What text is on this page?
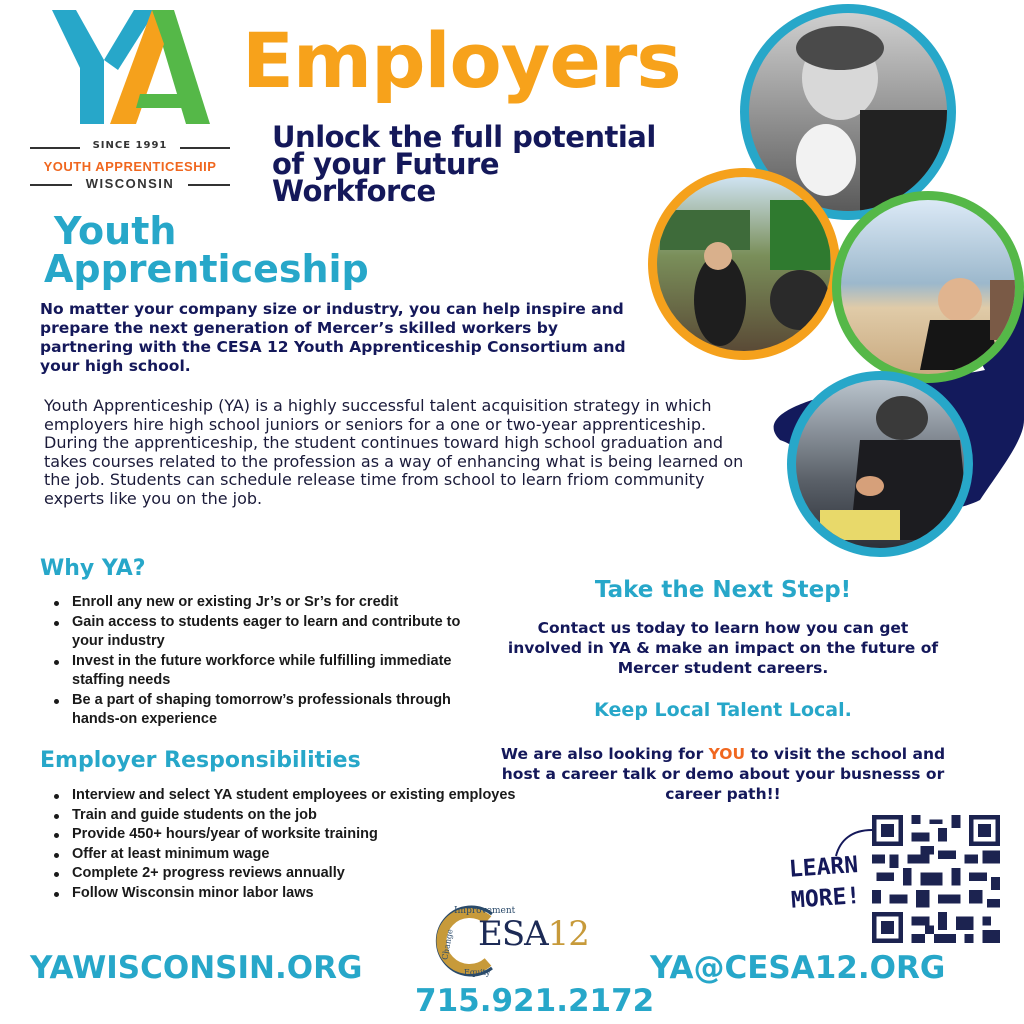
SINCE 1991
YOUTH APPRENTICESHIP
WISCONSIN
Employers
Unlock the full potential
of your Future
Workforce
Youth
Apprenticeship
No matter your company size or industry, you can help inspire and prepare the next generation of Mercer’s skilled workers by partnering with the CESA 12 Youth Apprenticeship Consortium and your high school.
Youth Apprenticeship (YA) is a highly successful talent acquisition strategy in which employers hire high school juniors or seniors for a one or two-year apprenticeship. During the apprenticeship, the student continues toward high school graduation and takes courses related to the profession as a way of enhancing what is being learned on the job. Students can schedule release time from school to learn friom community experts like you on the job.
Why YA?
Enroll any new or existing Jr’s or Sr’s for credit
Gain access to students eager to learn and contribute to your industry
Invest in the future workforce while fulfilling immediate staffing needs
Be a part of shaping tomorrow’s professionals through hands-on experience
Employer Responsibilities
Interview and select YA student employees or existing employes
Train and guide students on the job
Provide 450+ hours/year of worksite training
Offer at least minimum wage
Complete 2+ progress reviews annually
Follow Wisconsin minor labor laws
Take the Next Step!
Contact us today to learn how you can get involved in YA & make an impact on the future of Mercer student careers.
Keep Local Talent Local.
We are also looking for YOU to visit the school and host a career talk or demo about your busnesss or career path!!
LEARN
MORE!
Improvement
Change
Equity
ESA12
YAWISCONSIN.ORG	YA@CESA12.ORG
715.921.2172
